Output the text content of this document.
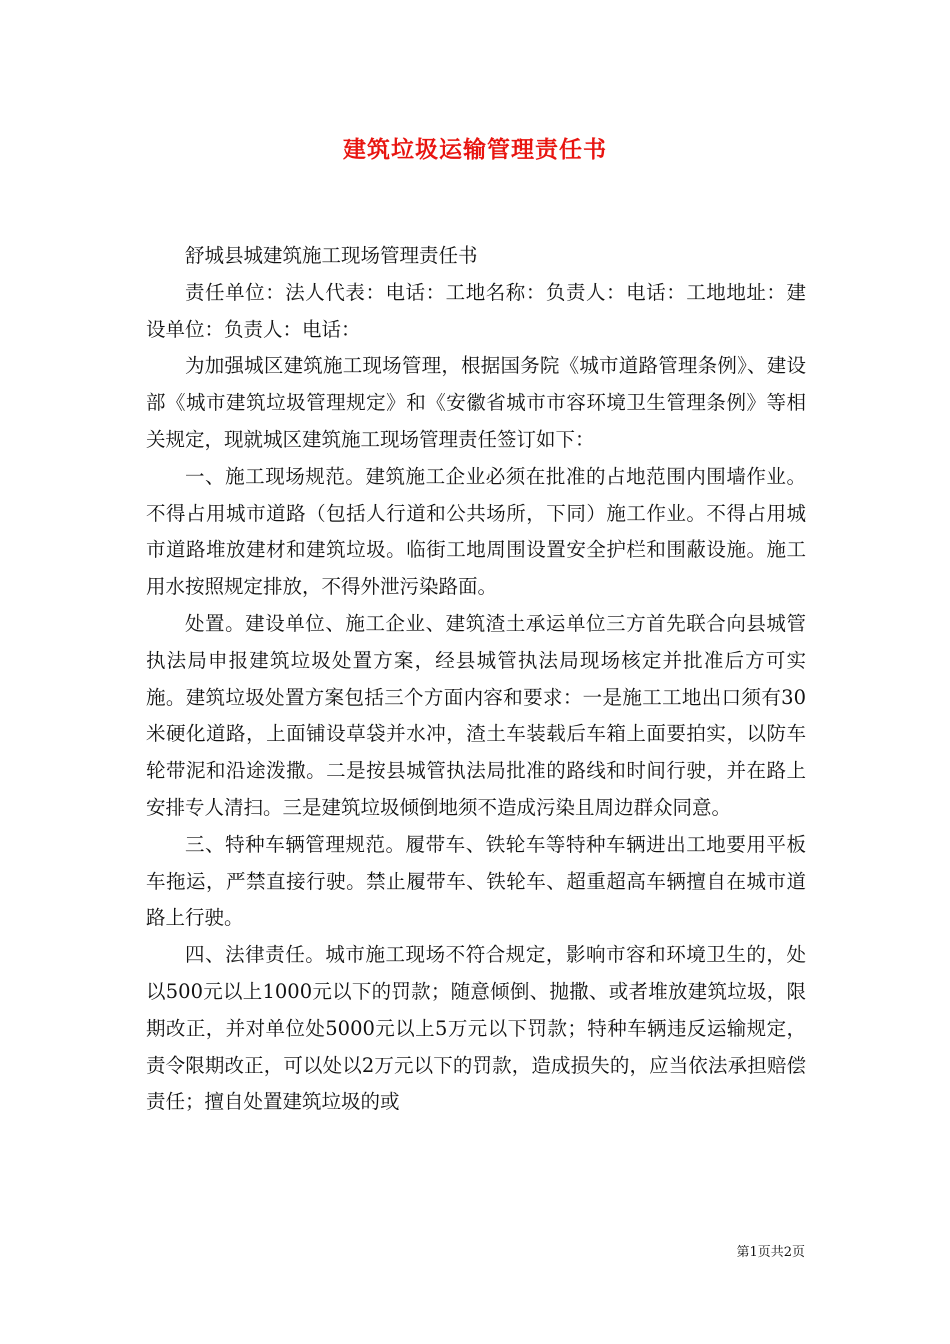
建筑垃圾运输管理责任书

舒城县城建筑施工现场管理责任书

责任单位：法人代表：电话：工地名称：负责人：电话：工地地址：建设单位：负责人：电话：

为加强城区建筑施工现场管理，根据国务院《城市道路管理条例》、建设部《城市建筑垃圾管理规定》和《安徽省城市市容环境卫生管理条例》等相关规定，现就城区建筑施工现场管理责任签订如下：

一、施工现场规范。建筑施工企业必须在批准的占地范围内围墙作业。不得占用城市道路（包括人行道和公共场所，下同）施工作业。不得占用城市道路堆放建材和建筑垃圾。临街工地周围设置安全护栏和围蔽设施。施工用水按照规定排放，不得外泄污染路面。

处置。建设单位、施工企业、建筑渣土承运单位三方首先联合向县城管执法局申报建筑垃圾处置方案，经县城管执法局现场核定并批准后方可实施。建筑垃圾处置方案包括三个方面内容和要求：一是施工工地出口须有30米硬化道路，上面铺设草袋并水冲，渣土车装载后车箱上面要拍实，以防车轮带泥和沿途泼撒。二是按县城管执法局批准的路线和时间行驶，并在路上安排专人清扫。三是建筑垃圾倾倒地须不造成污染且周边群众同意。

三、特种车辆管理规范。履带车、铁轮车等特种车辆进出工地要用平板车拖运，严禁直接行驶。禁止履带车、铁轮车、超重超高车辆擅自在城市道路上行驶。

四、法律责任。城市施工现场不符合规定，影响市容和环境卫生的，处以500元以上1000元以下的罚款；随意倾倒、抛撒、或者堆放建筑垃圾，限期改正，并对单位处5000元以上5万元以下罚款；特种车辆违反运输规定，责令限期改正，可以处以2万元以下的罚款，造成损失的，应当依法承担赔偿责任；擅自处置建筑垃圾的或

第1页共2页
